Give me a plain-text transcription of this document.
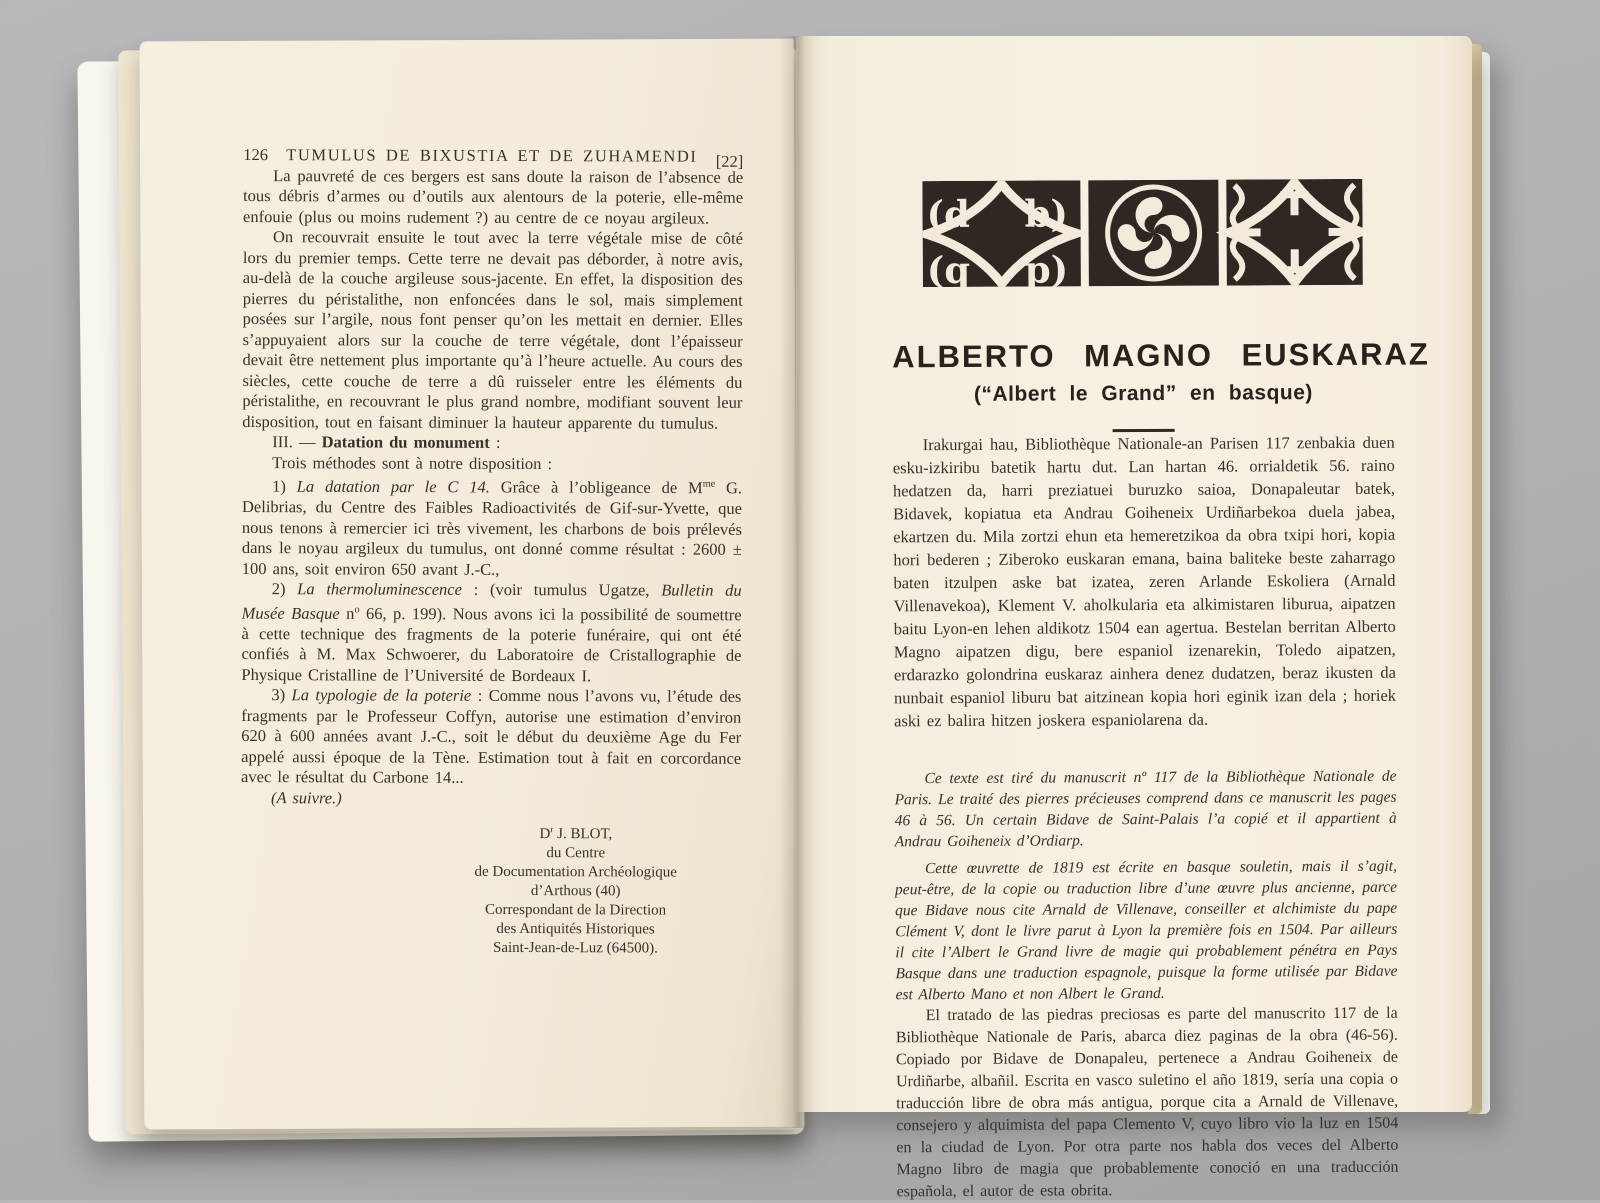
126 TUMULUS DE BIXUSTIA ET DE ZUHAMENDI [22]

La pauvreté de ces bergers est sans doute la raison de l’absence de tous débris d’armes ou d’outils aux alentours de la poterie, elle-même enfouie (plus ou moins rudement ?) au centre de ce noyau argileux.

On recouvrait ensuite le tout avec la terre végétale mise de côté lors du premier temps. Cette terre ne devait pas déborder, à notre avis, au-delà de la couche argileuse sous-jacente. En effet, la disposition des pierres du péristalithe, non enfoncées dans le sol, mais simplement posées sur l’argile, nous font penser qu’on les mettait en dernier. Elles s’appuyaient alors sur la couche de terre végétale, dont l’épaisseur devait être nettement plus importante qu’à l’heure actuelle. Au cours des siècles, cette couche de terre a dû ruisseler entre les éléments du péristalithe, en recouvrant le plus grand nombre, modifiant souvent leur disposition, tout en faisant diminuer la hauteur apparente du tumulus.

III. — Datation du monument :

Trois méthodes sont à notre disposition :

1) La datation par le C 14. Grâce à l’obligeance de $M^{me}$ G. Delibrias, du Centre des Faibles Radioactivités de Gif-sur-Yvette, que nous tenons à remercier ici très vivement, les charbons de bois prélevés dans le noyau argileux du tumulus, ont donné comme résultat : 2600 ± 100 ans, soit environ 650 avant J.-C.,

2) La thermoluminescence : (voir tumulus Ugatze, Bulletin du Musée Basque $n^o$ 66, p. 199). Nous avons ici la possibilité de soumettre à cette technique des fragments de la poterie funéraire, qui ont été confiés à M. Max Schwoerer, du Laboratoire de Cristallographie de Physique Cristalline de l’Université de Bordeaux I.

3) La typologie de la poterie : Comme nous l’avons vu, l’étude des fragments par le Professeur Coffyn, autorise une estimation d’environ 620 à 600 années avant J.-C., soit le début du deuxième Age du Fer appelé aussi époque de la Tène. Estimation tout à fait en corcordance avec le résultat du Carbone 14...

(A suivre.)

$D^r$ J. BLOT,
du Centre
de Documentation Archéologique
d’Arthous (40)
Correspondant de la Direction
des Antiquités Historiques
Saint-Jean-de-Luz (64500).
(d b)
(q p)
ALBERTO MAGNO EUSKARAZ
(“Albert le Grand” en basque)

Irakurgai hau, Bibliothèque Nationale-an Parisen 117 zenbakia duen esku-izkiribu batetik hartu dut. Lan hartan 46. orrialdetik 56. raino hedatzen da, harri preziatuei buruzko saioa, Donapaleutar batek, Bidavek, kopiatua eta Andrau Goiheneix Urdiñarbekoa duela jabea, ekartzen du. Mila zortzi ehun eta hemeretzikoa da obra txipi hori, kopia hori bederen ; Ziberoko euskaran emana, baina baliteke beste zaharrago baten itzulpen aske bat izatea, zeren Arlande Eskoliera (Arnald Villenavekoa), Klement V. aholkularia eta alkimistaren liburua, aipatzen baitu Lyon-en lehen aldikotz 1504 ean agertua. Bestelan berritan Alberto Magno aipatzen digu, bere espaniol izenarekin, Toledo aipatzen, erdarazko golondrina euskaraz ainhera denez dudatzen, beraz ikusten da nunbait espaniol liburu bat aitzinean kopia hori eginik izan dela ; horiek aski ez balira hitzen joskera espaniolarena da.

Ce texte est tiré du manuscrit nº 117 de la Bibliothèque Nationale de Paris. Le traité des pierres précieuses comprend dans ce manuscrit les pages 46 à 56. Un certain Bidave de Saint-Palais l’a copié et il appartient à Andrau Goiheneix d’Ordiarp.

Cette œuvrette de 1819 est écrite en basque souletin, mais il s’agit, peut-être, de la copie ou traduction libre d’une œuvre plus ancienne, parce que Bidave nous cite Arnald de Villenave, conseiller et alchimiste du pape Clément V, dont le livre parut à Lyon la première fois en 1504. Par ailleurs il cite l’Albert le Grand livre de magie qui probablement pénétra en Pays Basque dans une traduction espagnole, puisque la forme utilisée par Bidave est Alberto Mano et non Albert le Grand.

El tratado de las piedras preciosas es parte del manuscrito 117 de la Bibliothèque Nationale de Paris, abarca diez paginas de la obra (46-56). Copiado por Bidave de Donapaleu, pertenece a Andrau Goiheneix de Urdiñarbe, albañil. Escrita en vasco suletino el año 1819, sería una copia o traducción libre de obra más antigua, porque cita a Arnald de Villenave, consejero y alquimista del papa Clemento V, cuyo libro vio la luz en 1504 en la ciudad de Lyon. Por otra parte nos habla dos veces del Alberto Magno libro de magia que probablemente conoció en una traducción española, el autor de esta obrita.
